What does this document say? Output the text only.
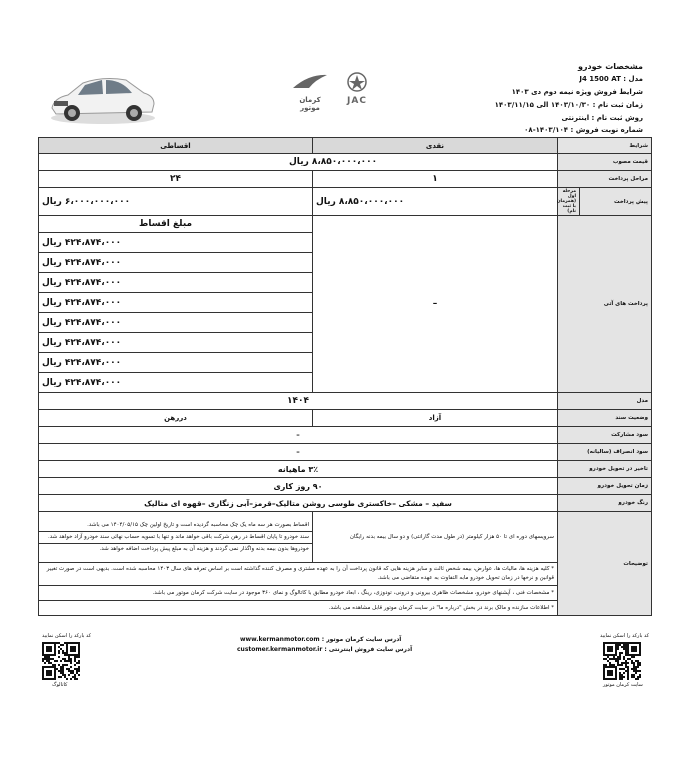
کرمان موتور
JAC
مشخصات خودرو
مدل : J4 1500 AT
شرایط فروش ویژه نیمه دوم دی ۱۴۰۳
زمان ثبت نام : ۱۴۰۳/۱۰/۳۰ الی ۱۴۰۳/۱۱/۱۵
روش ثبت نام : اینترنتی
شماره نوبت فروش : ۱۴۰۳/۱۰۴-۰۸
شرایط		نقدی	اقساطی
قیمت مصوب		۸،۸۵۰،۰۰۰،۰۰۰ ریال	
مراحل پرداخت		۱	۲۴
پیش پرداخت	مرحله اول (همزمان با ثبت نام)	۸،۸۵۰،۰۰۰،۰۰۰ ریال	۶،۰۰۰،۰۰۰،۰۰۰ ریال
پرداخت های آتی		–	مبلغ اقساط
			۴۲۴،۸۷۴،۰۰۰ ریال
			۴۲۴،۸۷۴،۰۰۰ ریال
			۴۲۴،۸۷۴،۰۰۰ ریال
			۴۲۴،۸۷۴،۰۰۰ ریال
			۴۲۴،۸۷۴،۰۰۰ ریال
			۴۲۴،۸۷۴،۰۰۰ ریال
			۴۲۴،۸۷۴،۰۰۰ ریال
			۴۲۴،۸۷۴،۰۰۰ ریال
مدل		۱۴۰۴	
وضعیت سند		آزاد	دررهن
سود مشارکت		–	
سود انصراف (سالیانه)		–	
تاخیر در تحویل خودرو		۳٪ ماهیانه	
زمان تحویل خودرو		۹۰ روز کاری	
رنگ خودرو		سفید – مشکی –خاکستری طوسی روشن متالیک–قرمز–آبی زنگاری –قهوه ای متالیک	
توضیحات		سرویسهای دوره ای تا ۵۰ هزار کیلومتر (در طول مدت گارانتی) و دو سال بیمه بدنه رایگان	اقساط بصورت هر سه ماه یک چک محاسبه گردیده است و تاریخ اولین چک ۱۴۰۴/۰۵/۱۵ می باشد.
سند خودرو تا پایان اقساط در رهن شرکت باقی خواهد ماند و تنها با تسویه حساب نهائی سند خودرو آزاد خواهد شد.
خودروها بدون بیمه بدنه واگذار نمی گردند و هزینه آن به مبلغ پیش پرداخت اضافه خواهد شد.

		* کلیه هزینه ها، مالیات ها، عوارض، بیمه شخص ثالث و سایر هزینه هایی که قانون پرداخت آن را به عهده مشتری و مصرف کننده گذاشته است بر اساس تعرفه های سال ۱۴۰۳ محاسبه شده است. بدیهی است در صورت تغییر قوانین و نرخها در زمان تحویل خودرو مابه التفاوت به عهده متقاضی می باشد.	
		* مشخصات فنی ، آپشنهای خودرو، مشخصات ظاهری بیرونی و درونی، تودوزی، رینگ ، ابعاد خودرو مطابق با کاتالوگ و نمای ۳۶۰ موجود در سایت شرکت کرمان موتور می باشد.	
		* اطلاعات سازنده و مالک برند در بخش "درباره ما" در سایت کرمان موتور قابل مشاهده می باشد.	
کد بارکد را اسکن نمایید
کاتالوگ
آدرس سایت کرمان موتور : www.kermanmotor.com
آدرس سایت فروش اینترنتی : customer.kermanmotor.ir
کد بارکد را اسکن نمایید
سایت کرمان موتور
